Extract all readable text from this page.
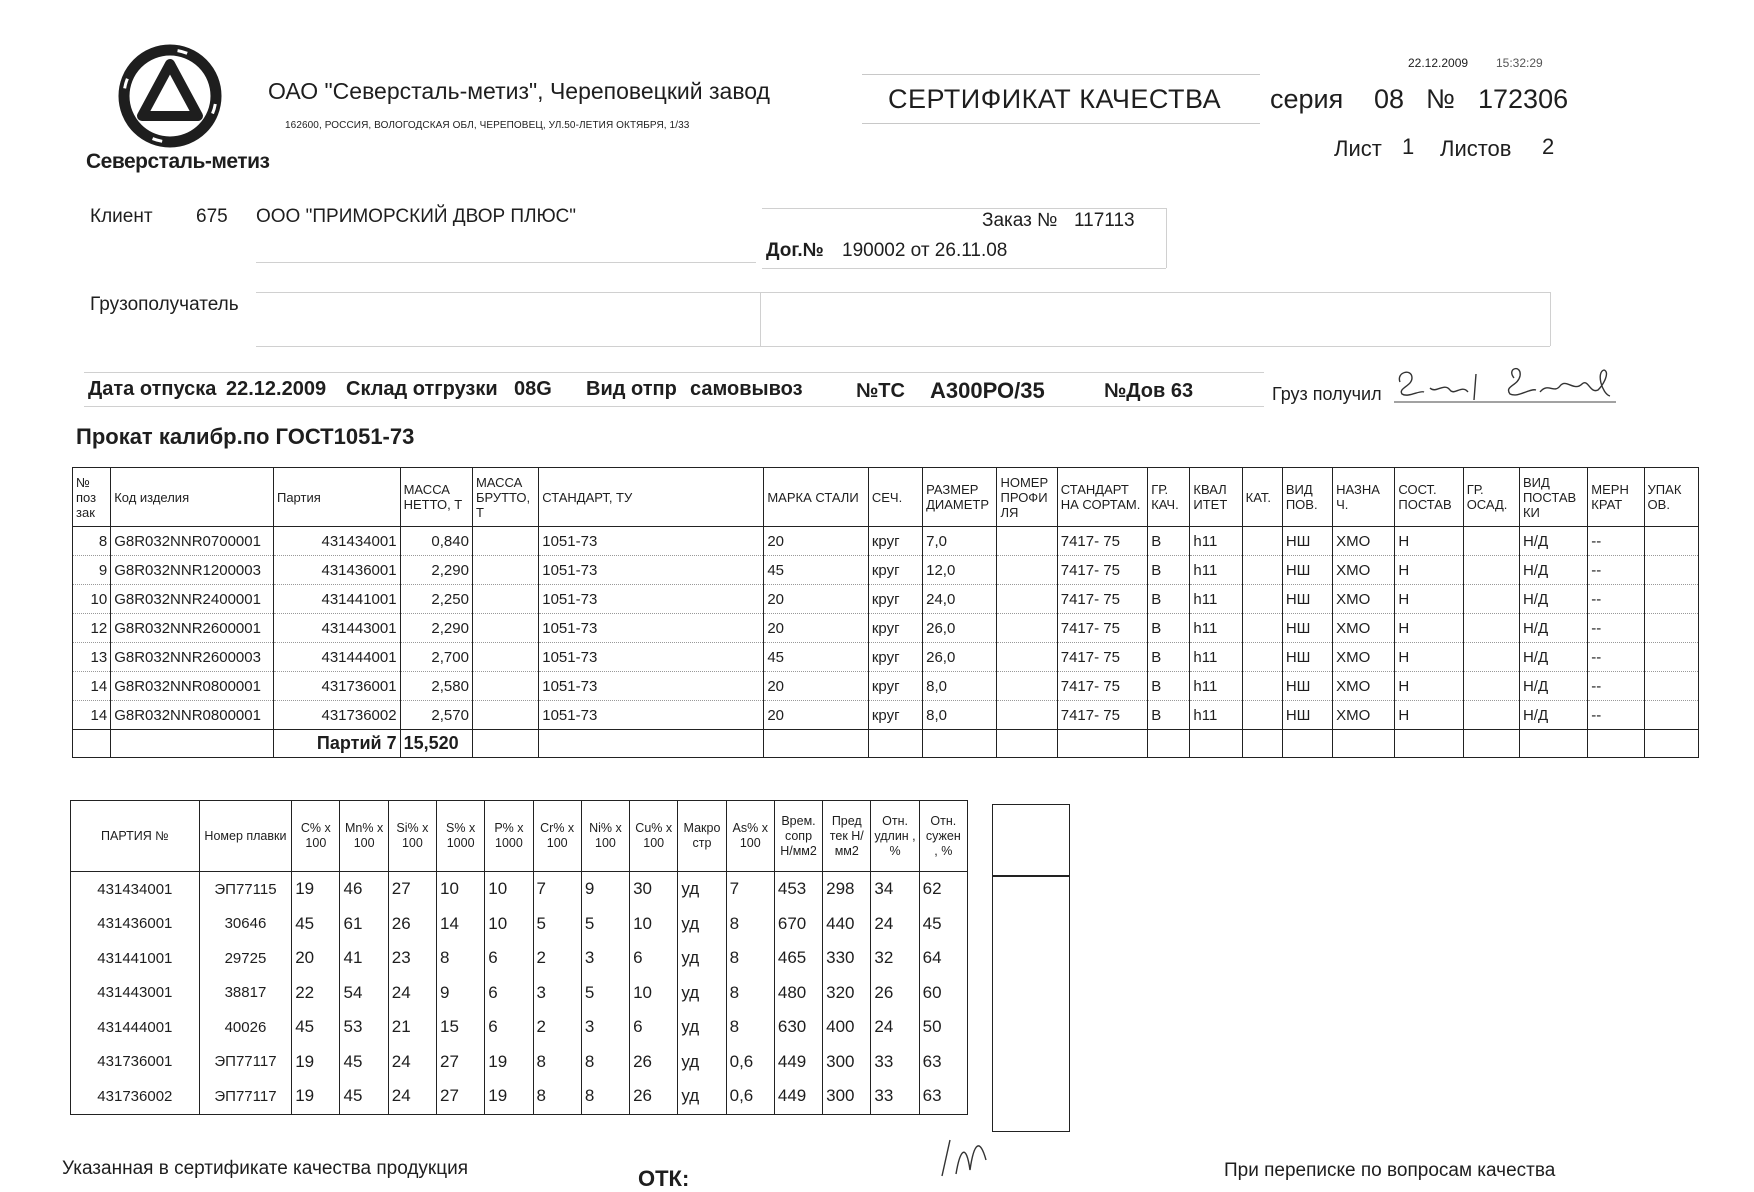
Северсталь-метиз
ОАО "Северсталь-метиз", Череповецкий завод
162600, РОССИЯ, ВОЛОГОДСКАЯ ОБЛ, ЧЕРЕПОВЕЦ, УЛ.50-ЛЕТИЯ ОКТЯБРЯ, 1/33
22.12.2009 15:32:29
СЕРТИФИКАТ КАЧЕСТВА серия 08 № 172306
Лист 1 Листов 2
Клиент 675 ООО "ПРИМОРСКИЙ ДВОР ПЛЮС"	Заказ № 117113
Дог.№ 190002 от 26.11.08
Грузополучатель
Дата отпуска 22.12.2009 Склад отгрузки 08G Вид отпр самовывоз	№ТС А300РО/35	№Дов 63	Груз получил
Прокат калибр.по ГОСТ1051-73
№ поз зак	Код изделия	Партия	МАССА НЕТТО, Т	МАССА БРУТТО, Т	СТАНДАРТ, ТУ	МАРКА СТАЛИ	СЕЧ.	РАЗМЕР ДИАМЕТР	НОМЕР ПРОФИ ЛЯ	СТАНДАРТ НА СОРТАМ.	ГР. КАЧ.	КВАЛ ИТЕТ	КАТ.	ВИД ПОВ.	НАЗНА Ч.	СОСТ. ПОСТАВ	ГР. ОСАД.	ВИД ПОСТАВ КИ	МЕРН КРАТ	УПАК ОВ.
8	G8R032NNR0700001	431434001	0,840		1051-73	20	круг	7,0		7417- 75	В	h11		НШ	ХМО	Н		Н/Д	--	
9	G8R032NNR1200003	431436001	2,290		1051-73	45	круг	12,0		7417- 75	В	h11		НШ	ХМО	Н		Н/Д	--	
10	G8R032NNR2400001	431441001	2,250		1051-73	20	круг	24,0		7417- 75	В	h11		НШ	ХМО	Н		Н/Д	--	
12	G8R032NNR2600001	431443001	2,290		1051-73	20	круг	26,0		7417- 75	В	h11		НШ	ХМО	Н		Н/Д	--	
13	G8R032NNR2600003	431444001	2,700		1051-73	45	круг	26,0		7417- 75	В	h11		НШ	ХМО	Н		Н/Д	--	
14	G8R032NNR0800001	431736001	2,580		1051-73	20	круг	8,0		7417- 75	В	h11		НШ	ХМО	Н		Н/Д	--	
14	G8R032NNR0800001	431736002	2,570		1051-73	20	круг	8,0		7417- 75	В	h11		НШ	ХМО	Н		Н/Д	--	
		Партий 7	15,520																	
ПАРТИЯ №	Номер плавки	C% x 100	Mn% x 100	Si% x 100	S% x 1000	P% x 1000	Cr% x 100	Ni% x 100	Cu% x 100	Макро стр	As% x 100	Врем. сопр Н/мм2	Пред тек Н/мм2	Отн. удлин , %	Отн. сужен , %
431434001	ЭП77115	19	46	27	10	10	7	9	30	уд	7	453	298	34	62
431436001	30646	45	61	26	14	10	5	5	10	уд	8	670	440	24	45
431441001	29725	20	41	23	8	6	2	3	6	уд	8	465	330	32	64
431443001	38817	22	54	24	9	6	3	5	10	уд	8	480	320	26	60
431444001	40026	45	53	21	15	6	2	3	6	уд	8	630	400	24	50
431736001	ЭП77117	19	45	24	27	19	8	8	26	уд	0,6	449	300	33	63
431736002	ЭП77117	19	45	24	27	19	8	8	26	уд	0,6	449	300	33	63
Указанная в сертификате качества продукция	ОТК:	При переписке по вопросам качества
